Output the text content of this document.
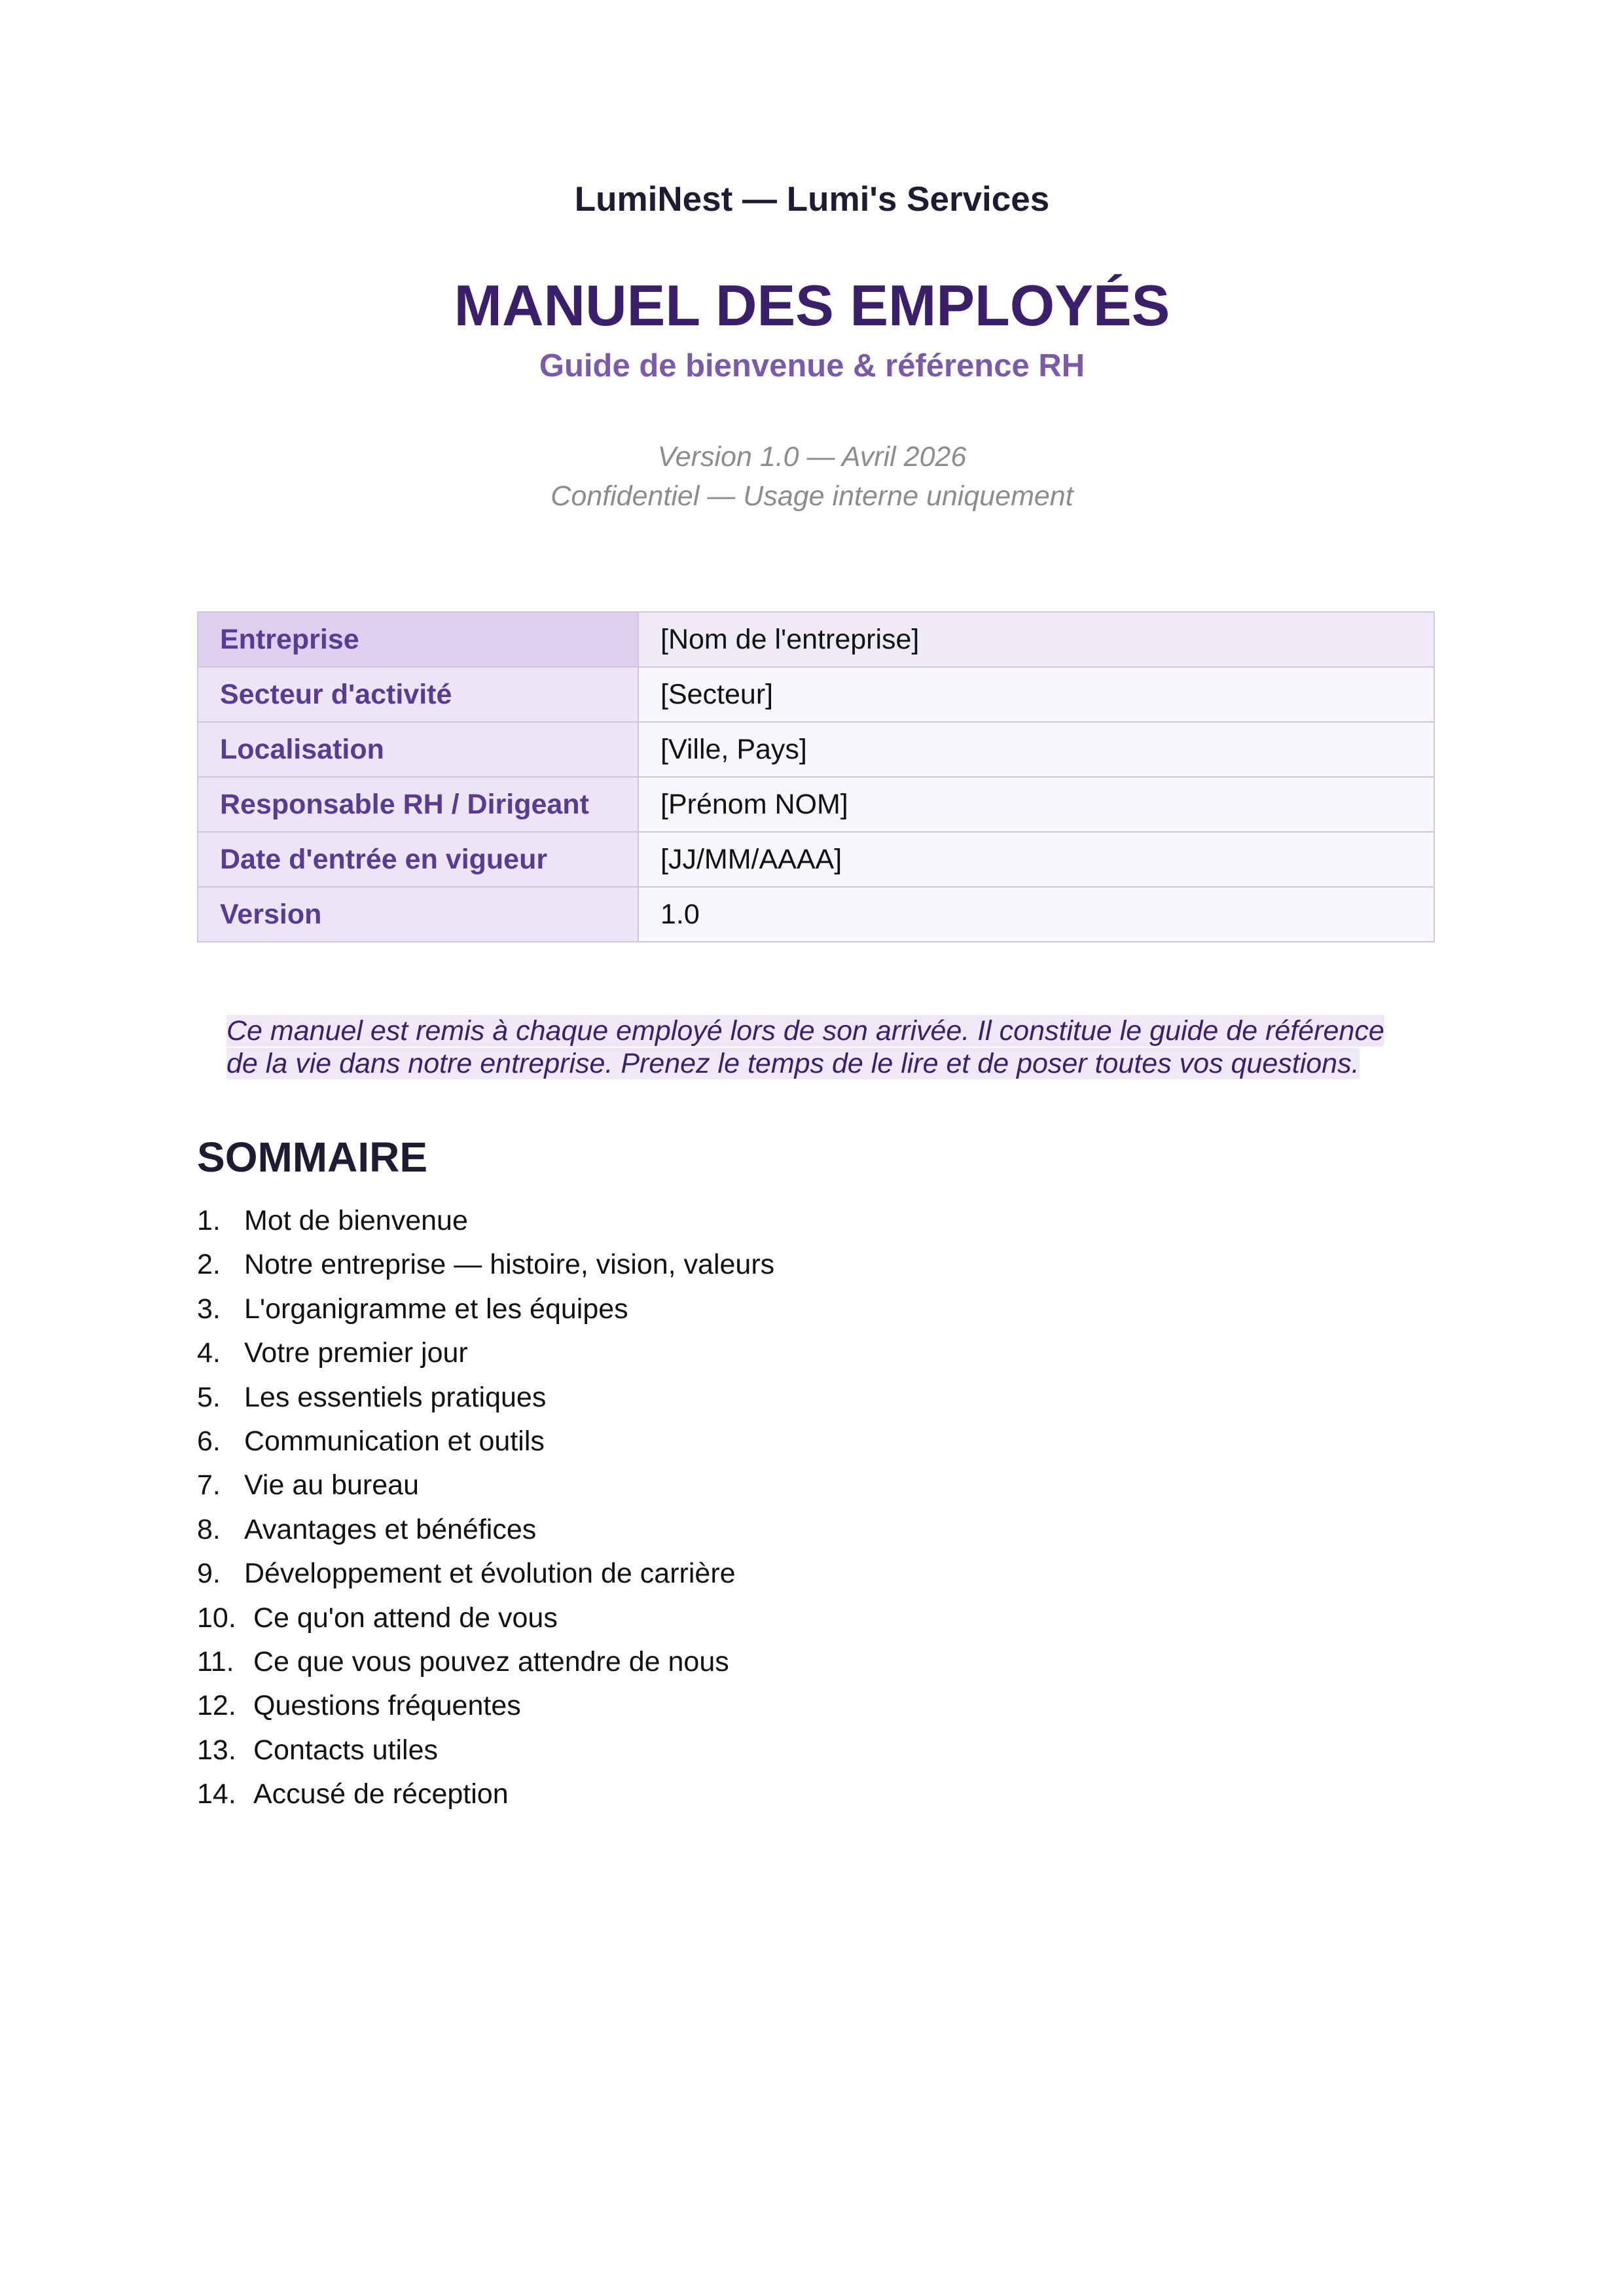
LumiNest — Lumi's Services
MANUEL DES EMPLOYÉS
Guide de bienvenue & référence RH
Version 1.0 — Avril 2026
Confidentiel — Usage interne uniquement
Entreprise	[Nom de l'entreprise]
Secteur d'activité	[Secteur]
Localisation	[Ville, Pays]
Responsable RH / Dirigeant	[Prénom NOM]
Date d'entrée en vigueur	[JJ/MM/AAAA]
Version	1.0
Ce manuel est remis à chaque employé lors de son arrivée. Il constitue le guide de référence
de la vie dans notre entreprise. Prenez le temps de le lire et de poser toutes vos questions.
SOMMAIRE
1. Mot de bienvenue
2. Notre entreprise — histoire, vision, valeurs
3. L'organigramme et les équipes
4. Votre premier jour
5. Les essentiels pratiques
6. Communication et outils
7. Vie au bureau
8. Avantages et bénéfices
9. Développement et évolution de carrière
10. Ce qu'on attend de vous
11. Ce que vous pouvez attendre de nous
12. Questions fréquentes
13. Contacts utiles
14. Accusé de réception
